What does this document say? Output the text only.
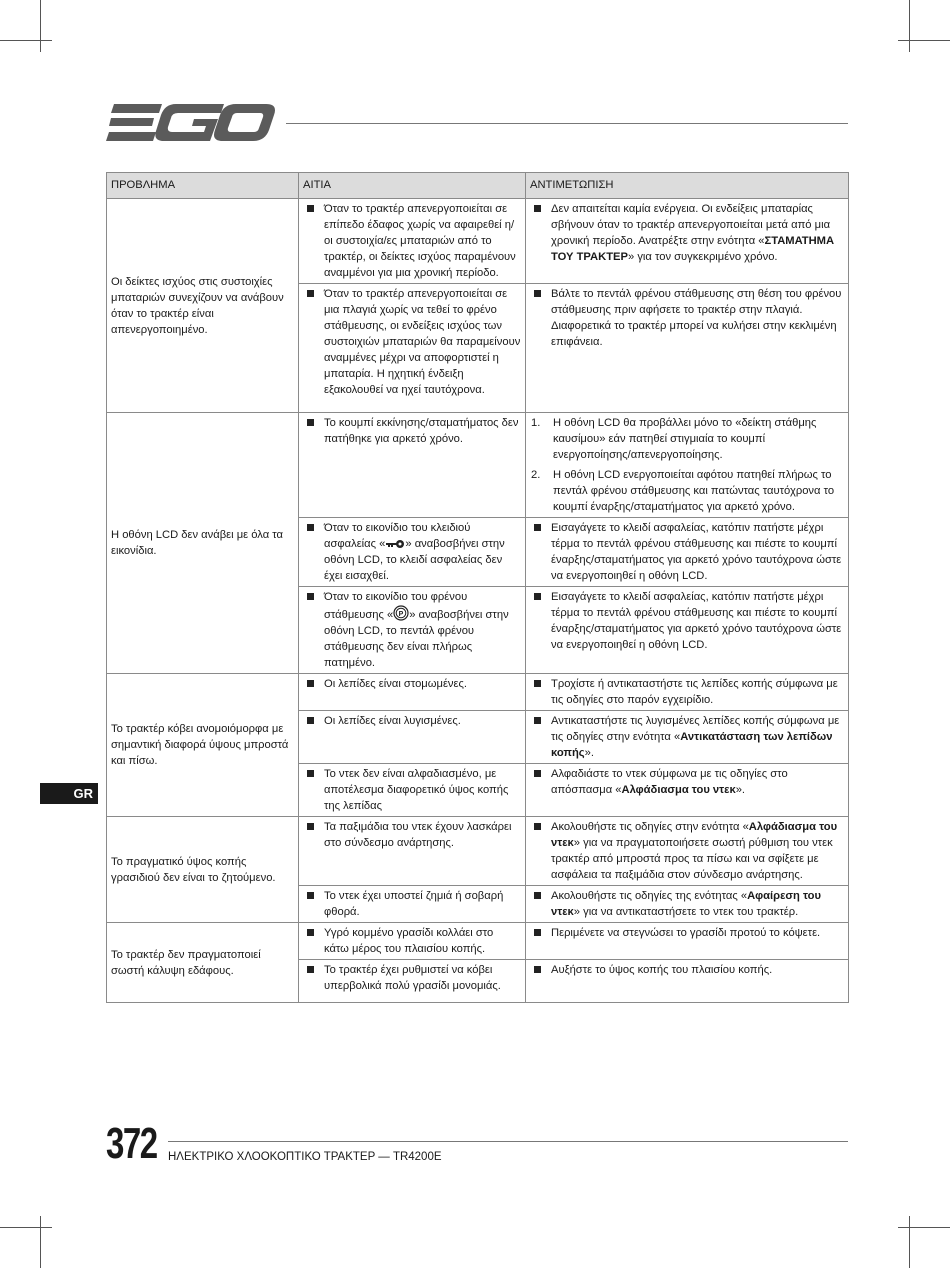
ΠΡΟΒΛΗΜΑ	ΑΙΤΙΑ	ΑΝΤΙΜΕΤΩΠΙΣΗ
Οι δείκτες ισχύος στις συστοιχίες μπαταριών συνεχίζουν να ανάβουν όταν το τρακτέρ είναι απενεργοποιημένο.	Όταν το τρακτέρ απενεργοποιείται σε επίπεδο έδαφος χωρίς να αφαιρεθεί η/οι συστοιχία/ες μπαταριών από το τρακτέρ, οι δείκτες ισχύος παραμένουν αναμμένοι για μια χρονική περίοδο.	Δεν απαιτείται καμία ενέργεια. Οι ενδείξεις μπαταρίας σβήνουν όταν το τρακτέρ απενεργοποιείται μετά από μια χρονική περίοδο. Ανατρέξτε στην ενότητα «ΣΤΑΜΑΤΗΜΑ ΤΟΥ ΤΡΑΚΤΕΡ» για τον συγκεκριμένο χρόνο.

	Όταν το τρακτέρ απενεργοποιείται σε μια πλαγιά χωρίς να τεθεί το φρένο στάθμευσης, οι ενδείξεις ισχύος των συστοιχιών μπαταριών θα παραμείνουν αναμμένες μέχρι να αποφορτιστεί η μπαταρία. Η ηχητική ένδειξη εξακολουθεί να ηχεί ταυτόχρονα.	Βάλτε το πεντάλ φρένου στάθμευσης στη θέση του φρένου στάθμευσης πριν αφήσετε το τρακτέρ στην πλαγιά. Διαφορετικά το τρακτέρ μπορεί να κυλήσει στην κεκλιμένη επιφάνεια.

Η οθόνη LCD δεν ανάβει με όλα τα εικονίδια.	Το κουμπί εκκίνησης/σταματήματος δεν πατήθηκε για αρκετό χρόνο.	1. Η οθόνη LCD θα προβάλλει μόνο το «δείκτη στάθμης καυσίμου» εάν πατηθεί στιγμιαία το κουμπί ενεργοποίησης/απενεργοποίησης.
2. Η οθόνη LCD ενεργοποιείται αφότου πατηθεί πλήρως το πεντάλ φρένου στάθμευσης και πατώντας ταυτόχρονα το κουμπί έναρξης/σταματήματος για αρκετό χρόνο.

	Όταν το εικονίδιο του κλειδιού ασφαλείας « » αναβοσβήνει στην οθόνη LCD, το κλειδί ασφαλείας δεν έχει εισαχθεί.	Εισαγάγετε το κλειδί ασφαλείας, κατόπιν πατήστε μέχρι τέρμα το πεντάλ φρένου στάθμευσης και πιέστε το κουμπί έναρξης/σταματήματος για αρκετό χρόνο ταυτόχρονα ώστε να ενεργοποιηθεί η οθόνη LCD.

	Όταν το εικονίδιο του φρένου στάθμευσης « P » αναβοσβήνει στην οθόνη LCD, το πεντάλ φρένου στάθμευσης δεν είναι πλήρως πατημένο.	Εισαγάγετε το κλειδί ασφαλείας, κατόπιν πατήστε μέχρι τέρμα το πεντάλ φρένου στάθμευσης και πιέστε το κουμπί έναρξης/σταματήματος για αρκετό χρόνο ταυτόχρονα ώστε να ενεργοποιηθεί η οθόνη LCD.

Το τρακτέρ κόβει ανομοιόμορφα με σημαντική διαφορά ύψους μπροστά και πίσω.	Οι λεπίδες είναι στομωμένες.	Τροχίστε ή αντικαταστήστε τις λεπίδες κοπής σύμφωνα με τις οδηγίες στο παρόν εγχειρίδιο.

	Οι λεπίδες είναι λυγισμένες.	Αντικαταστήστε τις λυγισμένες λεπίδες κοπής σύμφωνα με τις οδηγίες στην ενότητα «Αντικατάσταση των λεπίδων κοπής».

	Το ντεκ δεν είναι αλφαδιασμένο, με αποτέλεσμα διαφορετικό ύψος κοπής της λεπίδας	Αλφαδιάστε το ντεκ σύμφωνα με τις οδηγίες στο απόσπασμα «Αλφάδιασμα του ντεκ».

Το πραγματικό ύψος κοπής γρασιδιού δεν είναι το ζητούμενο.	Τα παξιμάδια του ντεκ έχουν λασκάρει στο σύνδεσμο ανάρτησης.	Ακολουθήστε τις οδηγίες στην ενότητα «Αλφάδιασμα του ντεκ» για να πραγματοποιήσετε σωστή ρύθμιση του ντεκ τρακτέρ από μπροστά προς τα πίσω και να σφίξετε με ασφάλεια τα παξιμάδια στον σύνδεσμο ανάρτησης.

	Το ντεκ έχει υποστεί ζημιά ή σοβαρή φθορά.	Ακολουθήστε τις οδηγίες της ενότητας «Αφαίρεση του ντεκ» για να αντικαταστήσετε το ντεκ του τρακτέρ.

Το τρακτέρ δεν πραγματοποιεί σωστή κάλυψη εδάφους.	Υγρό κομμένο γρασίδι κολλάει στο κάτω μέρος του πλαισίου κοπής.	Περιμένετε να στεγνώσει το γρασίδι προτού το κόψετε.

	Το τρακτέρ έχει ρυθμιστεί να κόβει υπερβολικά πολύ γρασίδι μονομιάς.	Αυξήστε το ύψος κοπής του πλαισίου κοπής.
GR
372 ΗΛΕΚΤΡΙΚΟ ΧΛΟΟΚΟΠΤΙΚΟ ΤΡΑΚΤΕΡ — TR4200E
